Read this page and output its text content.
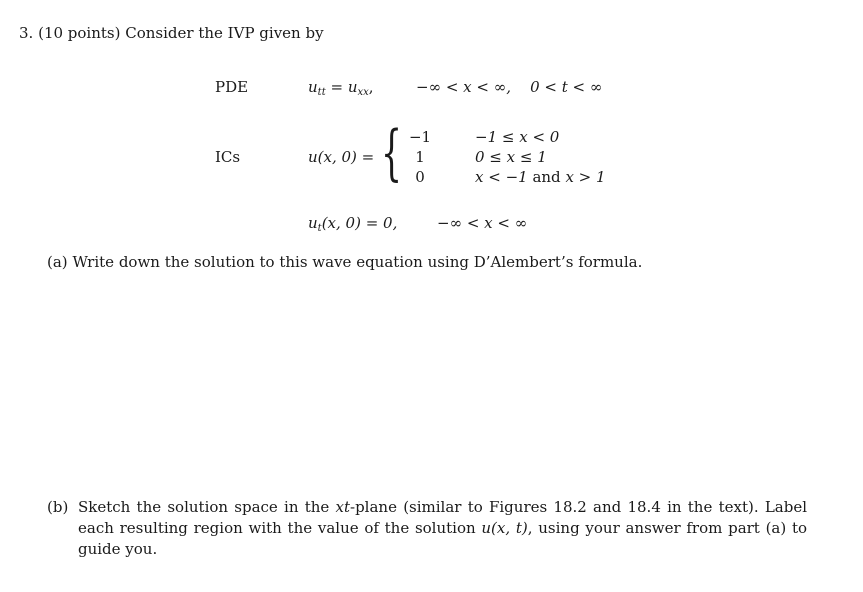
3. (10 points) Consider the IVP given by
PDE	$u_{tt} = u_{xx}$,	−∞ < x < ∞, 0 < t < ∞
ICs	u(x, 0) = { −1	−1 ≤ x < 0
1	0 ≤ x ≤ 1
0	x < −1 and x > 1
$u_t(x$, 0) = 0,	−∞ < x < ∞
(a) Write down the solution to this wave equation using D’Alembert’s formula.
(b) Sketch the solution space in the xt-plane (similar to Figures 18.2 and 18.4 in the text). Label each resulting region with the value of the solution u(x, t), using your answer from part (a) to guide you.
